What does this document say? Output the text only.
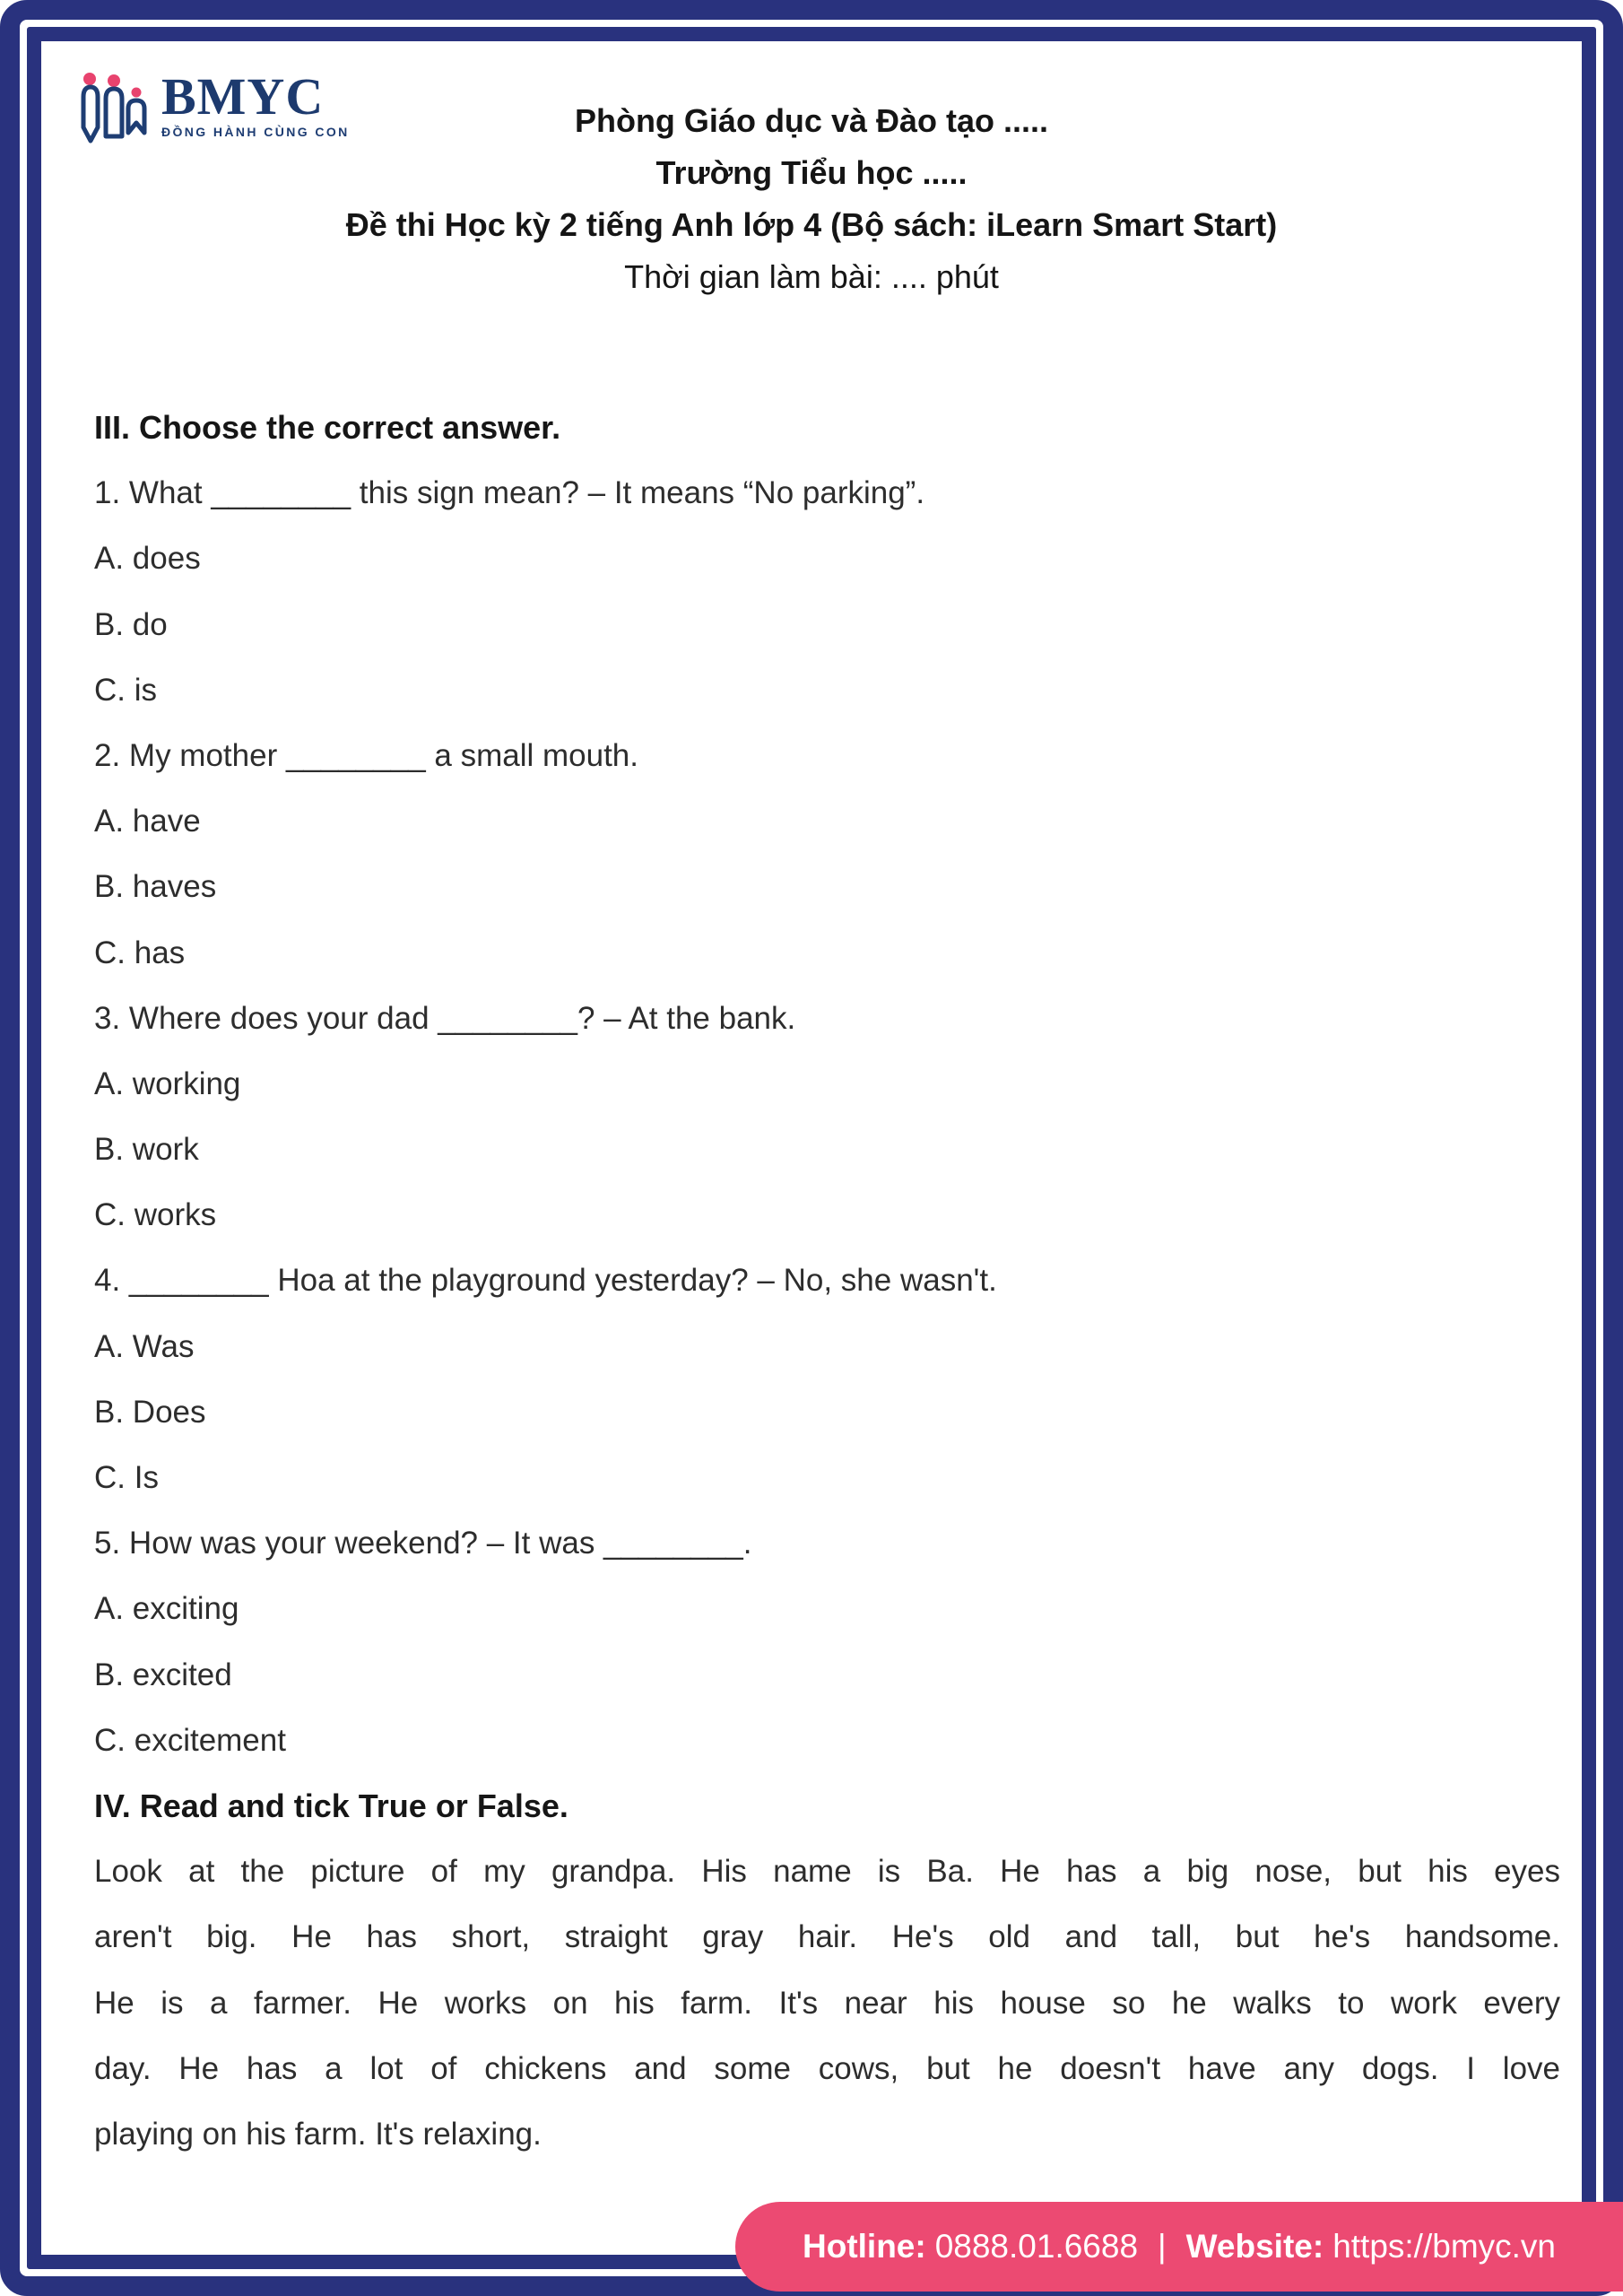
BMYC
ĐỒNG HÀNH CÙNG CON	Phòng Giáo dục và Đào tạo .....
Trường Tiểu học .....
Đề thi Học kỳ 2 tiếng Anh lớp 4 (Bộ sách: iLearn Smart Start)
Thời gian làm bài: .... phút
III. Choose the correct answer.
1. What ________ this sign mean? – It means “No parking”.
A. does
B. do
C. is
2. My mother ________ a small mouth.
A. have
B. haves
C. has
3. Where does your dad ________? – At the bank.
A. working
B. work
C. works
4. ________ Hoa at the playground yesterday? – No, she wasn't.
A. Was
B. Does
C. Is
5. How was your weekend? – It was ________.
A. exciting
B. excited
C. excitement
IV. Read and tick True or False.
Look at the picture of my grandpa. His name is Ba. He has a big nose, but his eyes
aren't big. He has short, straight gray hair. He's old and tall, but he's handsome.
He is a farmer. He works on his farm. It's near his house so he walks to work every
day. He has a lot of chickens and some cows, but he doesn't have any dogs. I love
playing on his farm. It's relaxing.
Hotline: 0888.01.6688 | Website: https://bmyc.vn
